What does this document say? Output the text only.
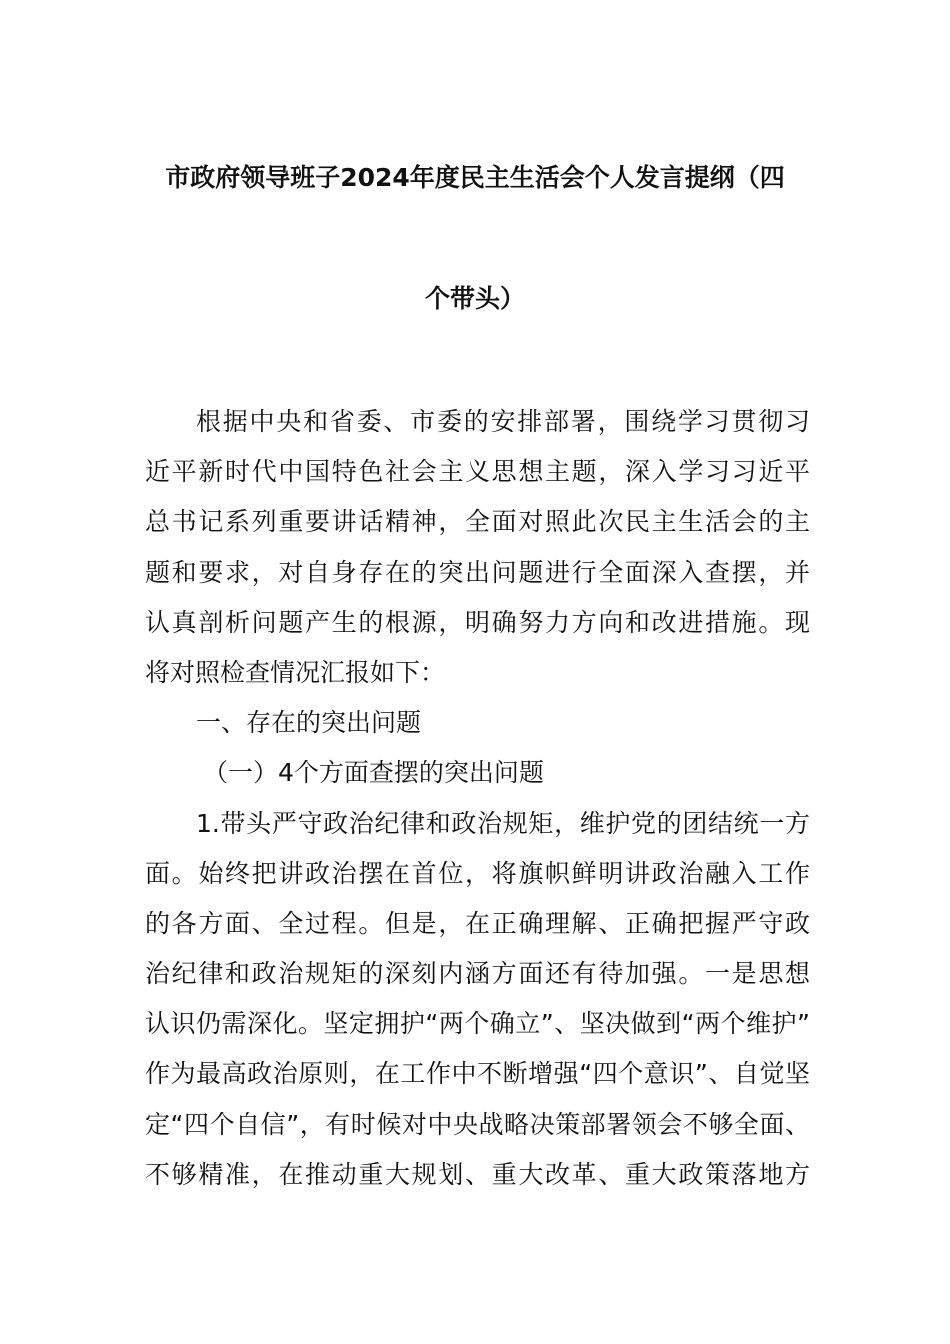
市政府领导班子2024年度民主生活会个人发言提纲（四
个带头）
根据中央和省委、市委的安排部署，围绕学习贯彻习
近平新时代中国特色社会主义思想主题，深入学习习近平
总书记系列重要讲话精神，全面对照此次民主生活会的主
题和要求，对自身存在的突出问题进行全面深入查摆，并
认真剖析问题产生的根源，明确努力方向和改进措施。现
将对照检查情况汇报如下：
一、存在的突出问题
（一）4个方面查摆的突出问题
1.带头严守政治纪律和政治规矩，维护党的团结统一方
面。始终把讲政治摆在首位，将旗帜鲜明讲政治融入工作
的各方面、全过程。但是，在正确理解、正确把握严守政
治纪律和政治规矩的深刻内涵方面还有待加强。一是思想
认识仍需深化。坚定拥护“两个确立”、坚决做到“两个维护”
作为最高政治原则，在工作中不断增强“四个意识”、自觉坚
定“四个自信”，有时候对中央战略决策部署领会不够全面、
不够精准，在推动重大规划、重大改革、重大政策落地方
